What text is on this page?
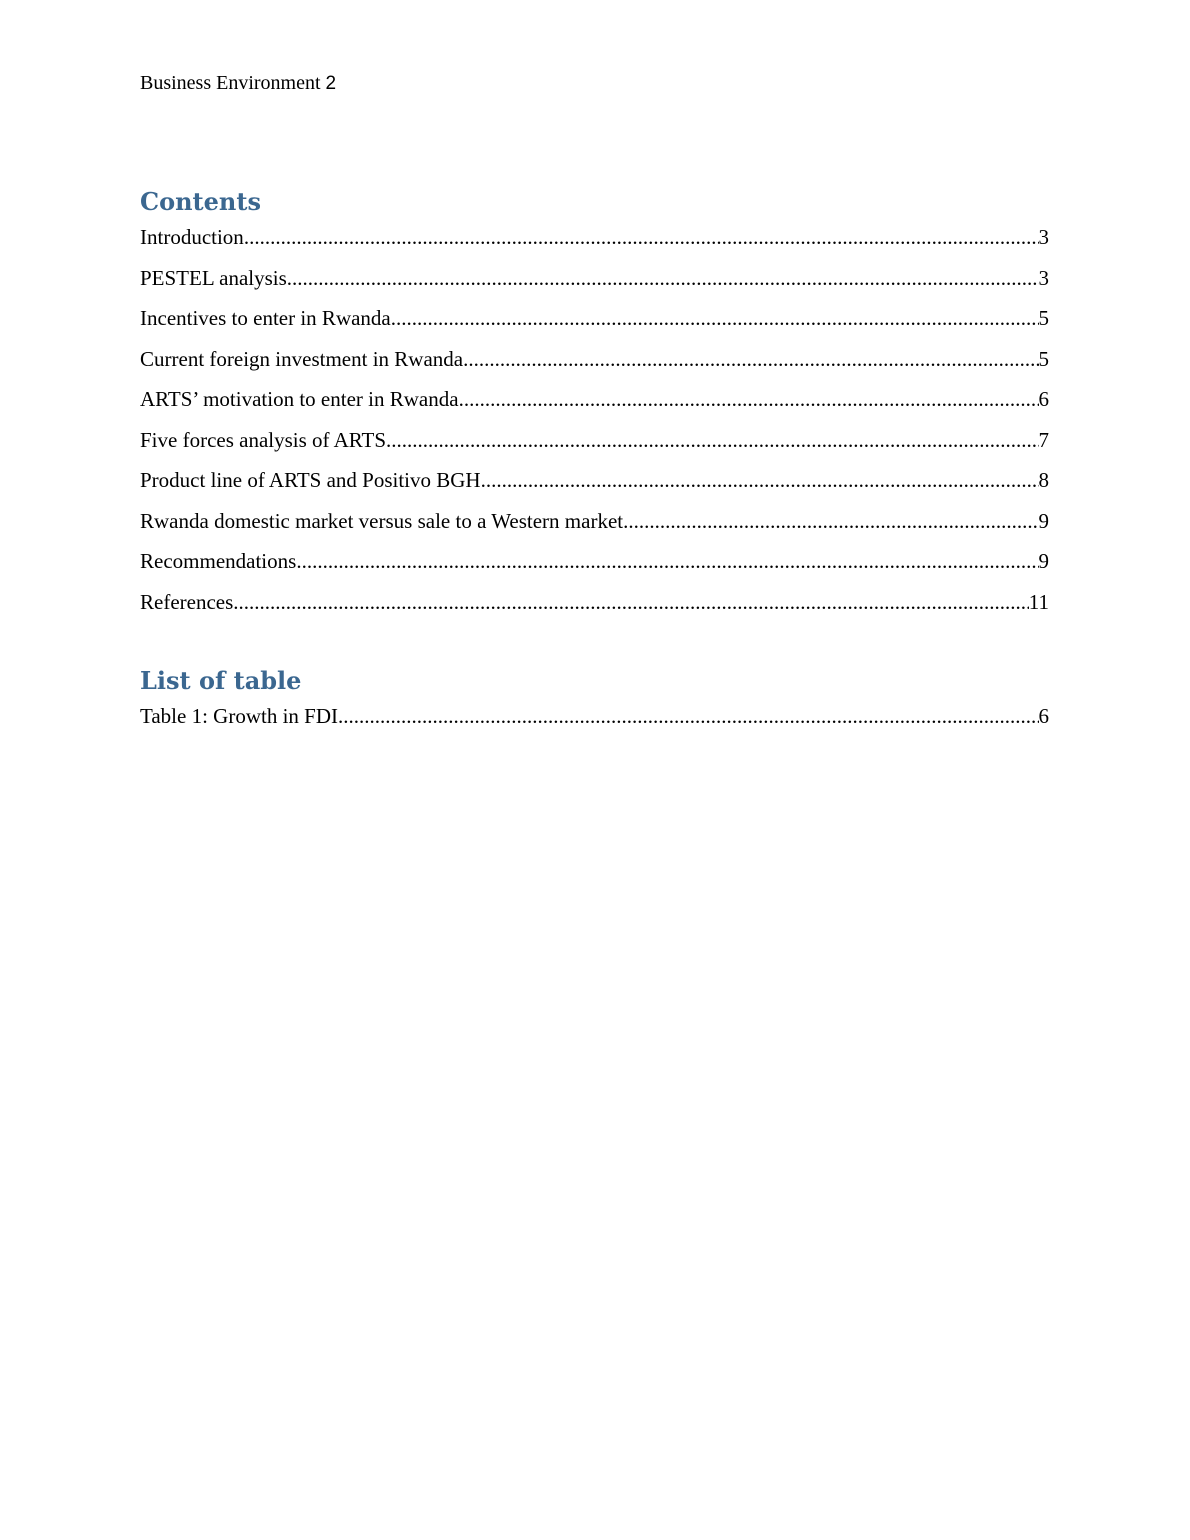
Business Environment 2
Contents
Introduction .....	3
PESTEL analysis .....	3
Incentives to enter in Rwanda .....	5
Current foreign investment in Rwanda .....	5
ARTS’ motivation to enter in Rwanda .....	6
Five forces analysis of ARTS .....	7
Product line of ARTS and Positivo BGH .....	8
Rwanda domestic market versus sale to a Western market .....	9
Recommendations .....	9
References .....	11
List of table
Table 1: Growth in FDI .....	6
